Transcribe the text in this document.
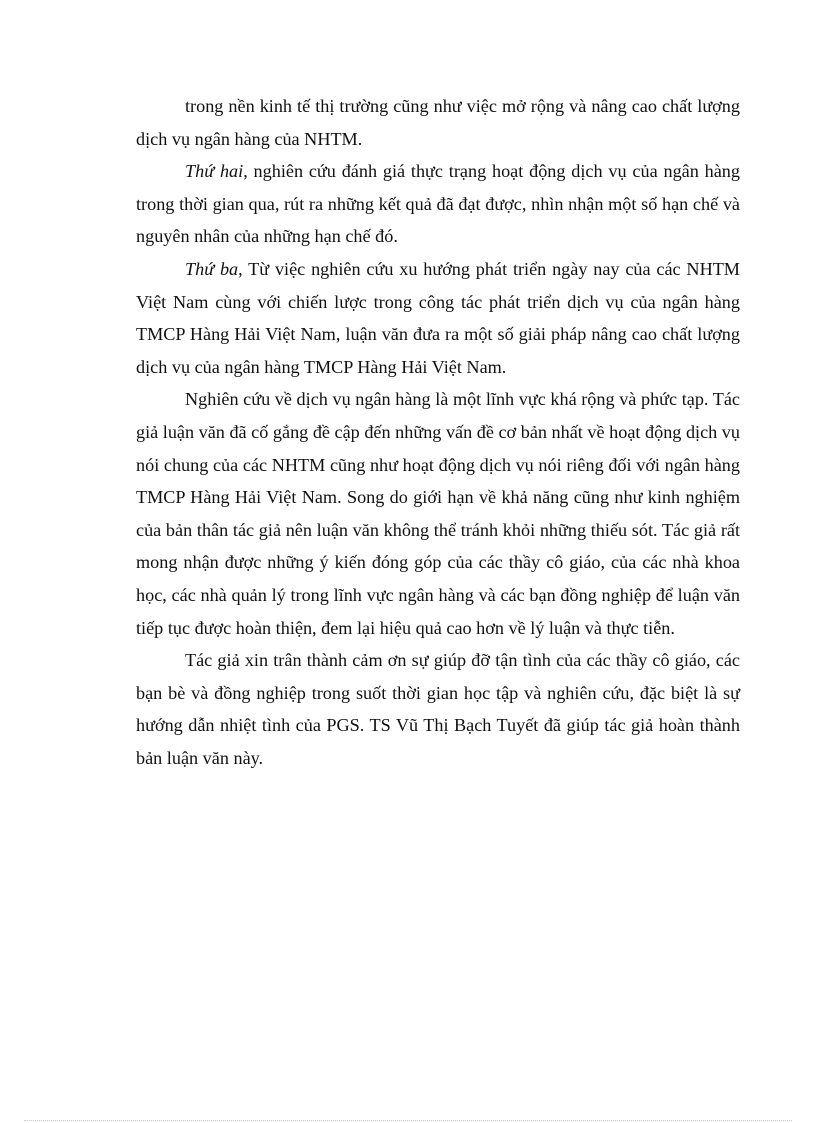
trong nền kinh tế thị trường cũng như việc mở rộng và nâng cao chất lượng dịch vụ ngân hàng của NHTM.

Thứ hai, nghiên cứu đánh giá thực trạng hoạt động dịch vụ của ngân hàng trong thời gian qua, rút ra những kết quả đã đạt được, nhìn nhận một số hạn chế và nguyên nhân của những hạn chế đó.

Thứ ba, Từ việc nghiên cứu xu hướng phát triển ngày nay của các NHTM Việt Nam cùng với chiến lược trong công tác phát triển dịch vụ của ngân hàng TMCP Hàng Hải Việt Nam, luận văn đưa ra một số giải pháp nâng cao chất lượng dịch vụ của ngân hàng TMCP Hàng Hải Việt Nam.

Nghiên cứu về dịch vụ ngân hàng là một lĩnh vực khá rộng và phức tạp. Tác giả luận văn đã cố gắng đề cập đến những vấn đề cơ bản nhất về hoạt động dịch vụ nói chung của các NHTM cũng như hoạt động dịch vụ nói riêng đối với ngân hàng TMCP Hàng Hải Việt Nam. Song do giới hạn về khả năng cũng như kinh nghiệm của bản thân tác giả nên luận văn không thể tránh khỏi những thiếu sót. Tác giả rất mong nhận được những ý kiến đóng góp của các thầy cô giáo, của các nhà khoa học, các nhà quản lý trong lĩnh vực ngân hàng và các bạn đồng nghiệp để luận văn tiếp tục được hoàn thiện, đem lại hiệu quả cao hơn về lý luận và thực tiễn.

Tác giả xin trân thành cảm ơn sự giúp đỡ tận tình của các thầy cô giáo, các bạn bè và đồng nghiệp trong suốt thời gian học tập và nghiên cứu, đặc biệt là sự hướng dẫn nhiệt tình của PGS. TS Vũ Thị Bạch Tuyết đã giúp tác giả hoàn thành bản luận văn này.
